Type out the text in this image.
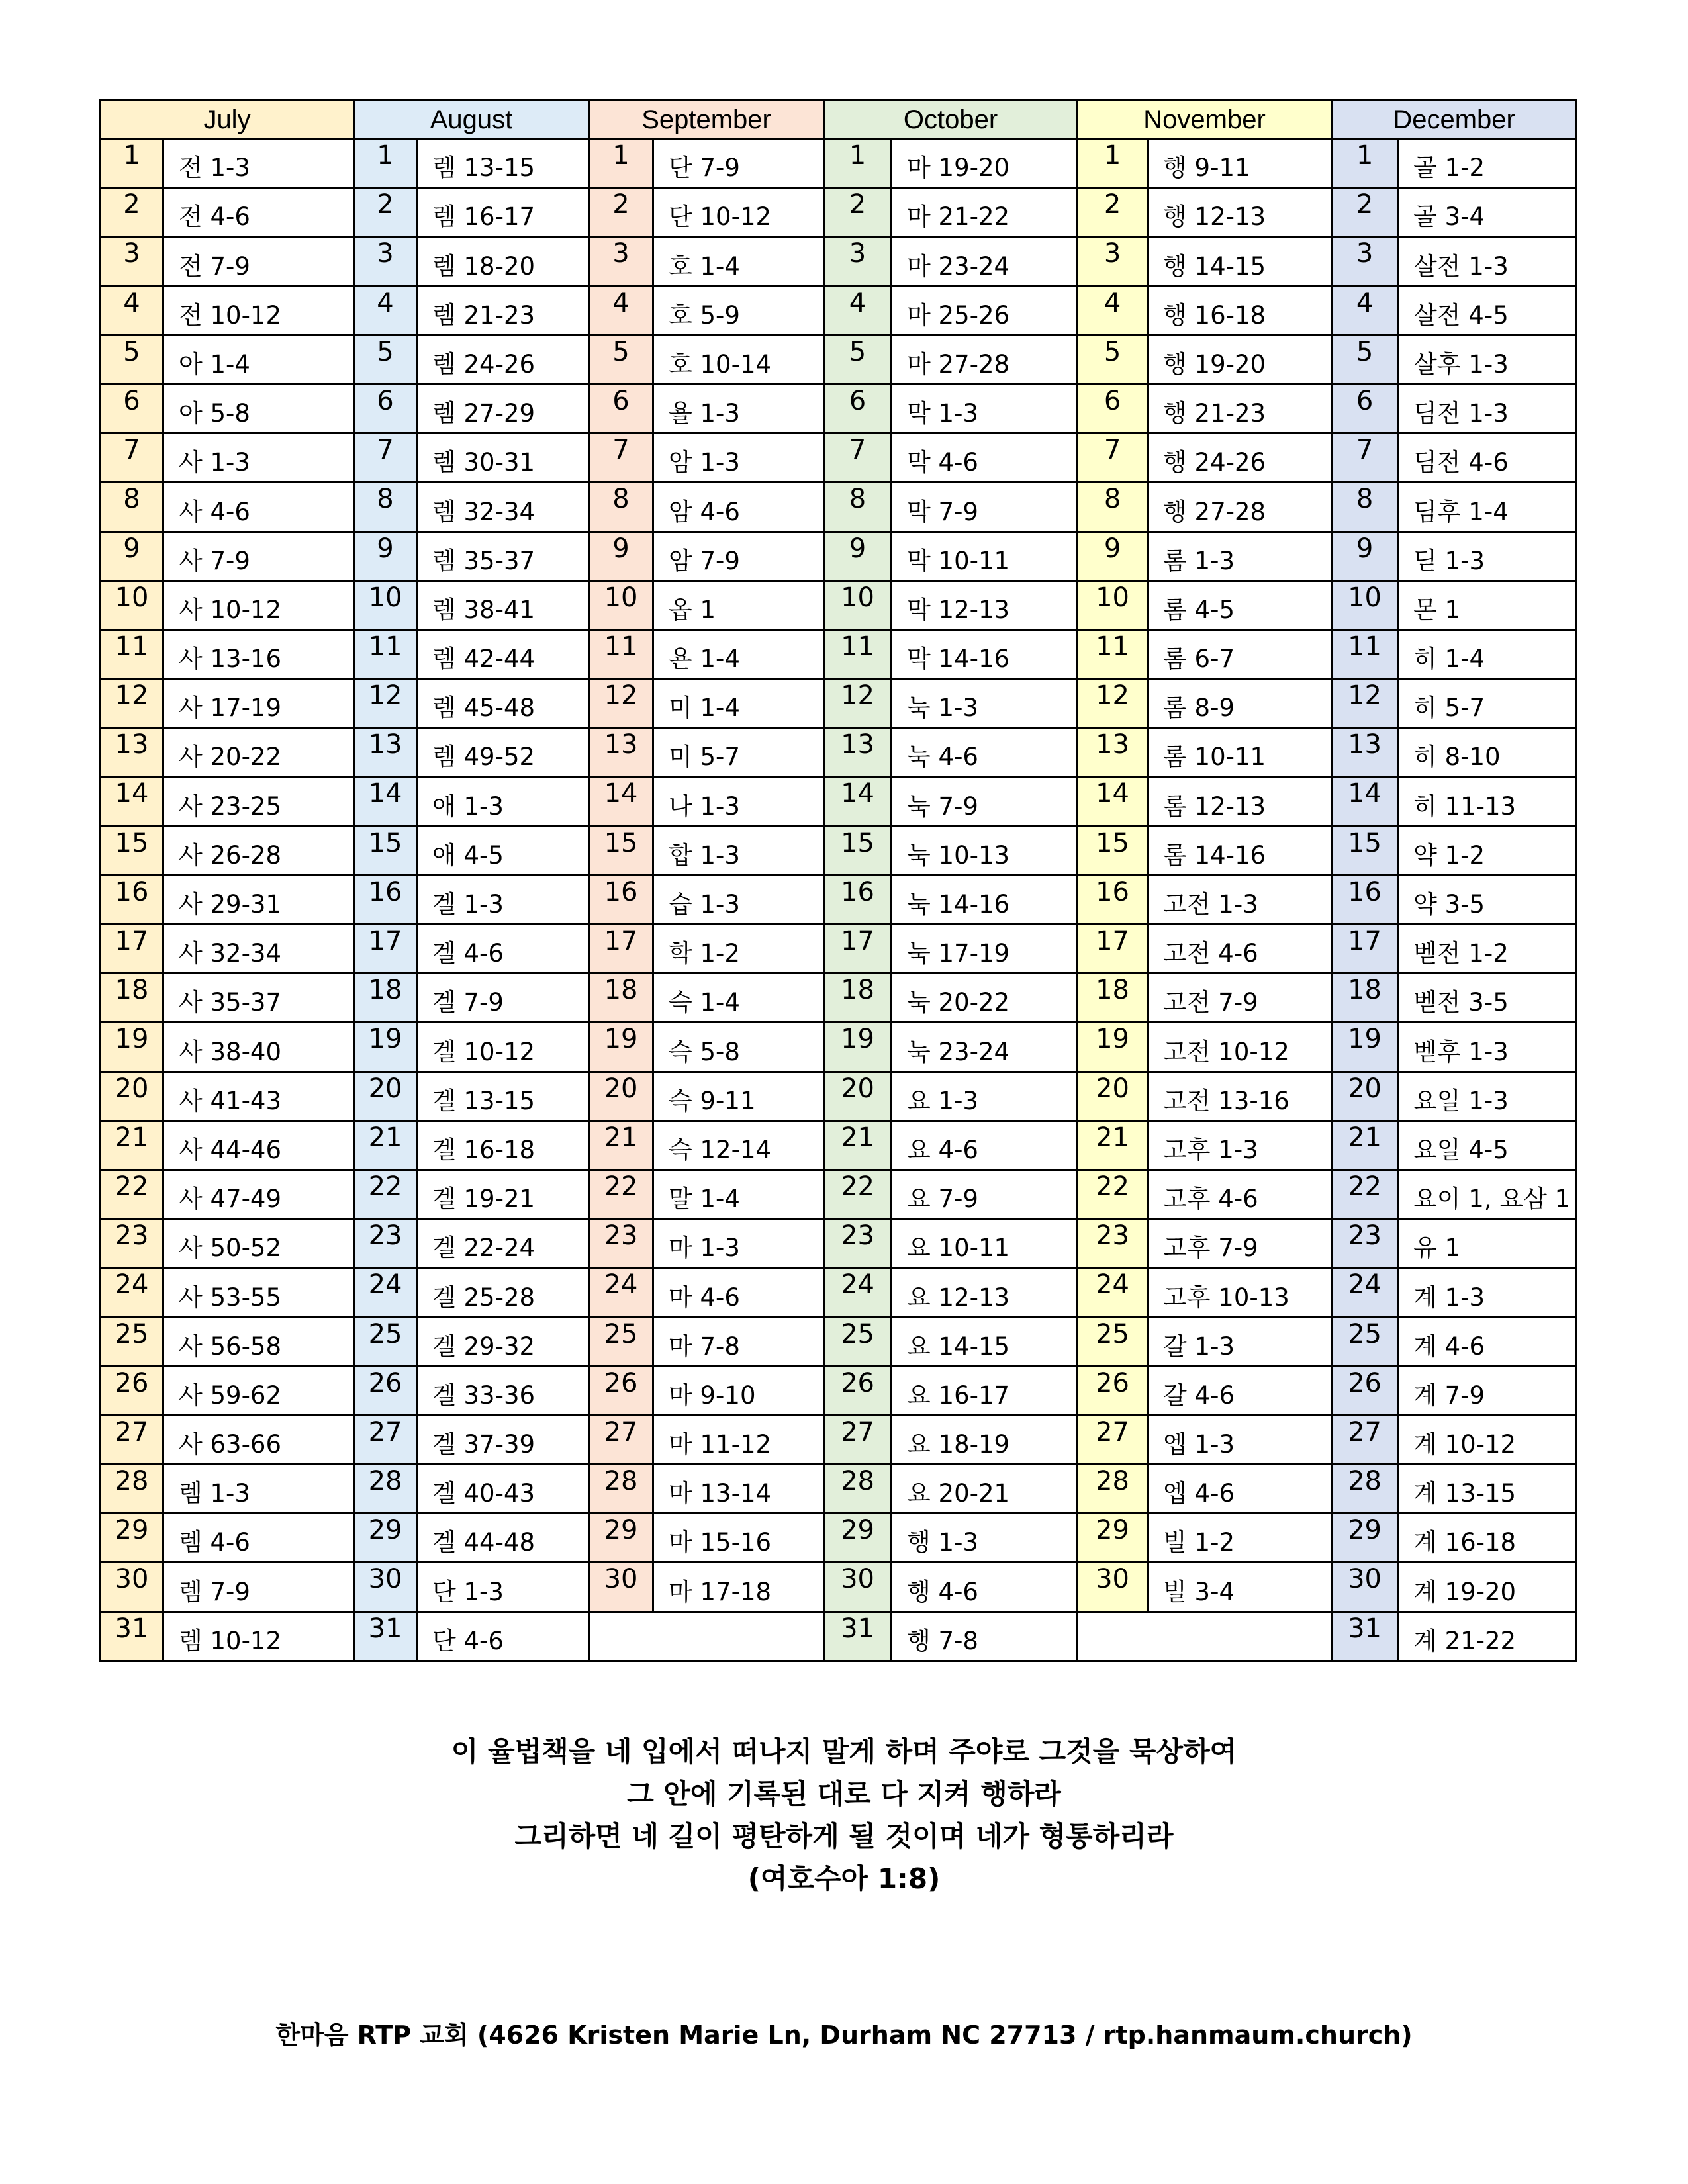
July		August		September		October		November		December	
1	전 1-3	1	렘 13-15	1	단 7-9	1	마 19-20	1	행 9-11	1	골 1-2
2	전 4-6	2	렘 16-17	2	단 10-12	2	마 21-22	2	행 12-13	2	골 3-4
3	전 7-9	3	렘 18-20	3	호 1-4	3	마 23-24	3	행 14-15	3	살전 1-3
4	전 10-12	4	렘 21-23	4	호 5-9	4	마 25-26	4	행 16-18	4	살전 4-5
5	아 1-4	5	렘 24-26	5	호 10-14	5	마 27-28	5	행 19-20	5	살후 1-3
6	아 5-8	6	렘 27-29	6	욜 1-3	6	막 1-3	6	행 21-23	6	딤전 1-3
7	사 1-3	7	렘 30-31	7	암 1-3	7	막 4-6	7	행 24-26	7	딤전 4-6
8	사 4-6	8	렘 32-34	8	암 4-6	8	막 7-9	8	행 27-28	8	딤후 1-4
9	사 7-9	9	렘 35-37	9	암 7-9	9	막 10-11	9	롬 1-3	9	딛 1-3
10	사 10-12	10	렘 38-41	10	옵 1	10	막 12-13	10	롬 4-5	10	몬 1
11	사 13-16	11	렘 42-44	11	욘 1-4	11	막 14-16	11	롬 6-7	11	히 1-4
12	사 17-19	12	렘 45-48	12	미 1-4	12	눅 1-3	12	롬 8-9	12	히 5-7
13	사 20-22	13	렘 49-52	13	미 5-7	13	눅 4-6	13	롬 10-11	13	히 8-10
14	사 23-25	14	애 1-3	14	나 1-3	14	눅 7-9	14	롬 12-13	14	히 11-13
15	사 26-28	15	애 4-5	15	합 1-3	15	눅 10-13	15	롬 14-16	15	약 1-2
16	사 29-31	16	겔 1-3	16	습 1-3	16	눅 14-16	16	고전 1-3	16	약 3-5
17	사 32-34	17	겔 4-6	17	학 1-2	17	눅 17-19	17	고전 4-6	17	벧전 1-2
18	사 35-37	18	겔 7-9	18	슥 1-4	18	눅 20-22	18	고전 7-9	18	벧전 3-5
19	사 38-40	19	겔 10-12	19	슥 5-8	19	눅 23-24	19	고전 10-12	19	벧후 1-3
20	사 41-43	20	겔 13-15	20	슥 9-11	20	요 1-3	20	고전 13-16	20	요일 1-3
21	사 44-46	21	겔 16-18	21	슥 12-14	21	요 4-6	21	고후 1-3	21	요일 4-5
22	사 47-49	22	겔 19-21	22	말 1-4	22	요 7-9	22	고후 4-6	22	요이 1, 요삼 1
23	사 50-52	23	겔 22-24	23	마 1-3	23	요 10-11	23	고후 7-9	23	유 1
24	사 53-55	24	겔 25-28	24	마 4-6	24	요 12-13	24	고후 10-13	24	계 1-3
25	사 56-58	25	겔 29-32	25	마 7-8	25	요 14-15	25	갈 1-3	25	계 4-6
26	사 59-62	26	겔 33-36	26	마 9-10	26	요 16-17	26	갈 4-6	26	계 7-9
27	사 63-66	27	겔 37-39	27	마 11-12	27	요 18-19	27	엡 1-3	27	계 10-12
28	렘 1-3	28	겔 40-43	28	마 13-14	28	요 20-21	28	엡 4-6	28	계 13-15
29	렘 4-6	29	겔 44-48	29	마 15-16	29	행 1-3	29	빌 1-2	29	계 16-18
30	렘 7-9	30	단 1-3	30	마 17-18	30	행 4-6	30	빌 3-4	30	계 19-20
31	렘 10-12	31	단 4-6			31	행 7-8			31	계 21-22
이 율법책을 네 입에서 떠나지 말게 하며 주야로 그것을 묵상하여
그 안에 기록된 대로 다 지켜 행하라
그리하면 네 길이 평탄하게 될 것이며 네가 형통하리라
(여호수아 1:8)
한마음 RTP 교회 (4626 Kristen Marie Ln, Durham NC 27713 / rtp.hanmaum.church)
